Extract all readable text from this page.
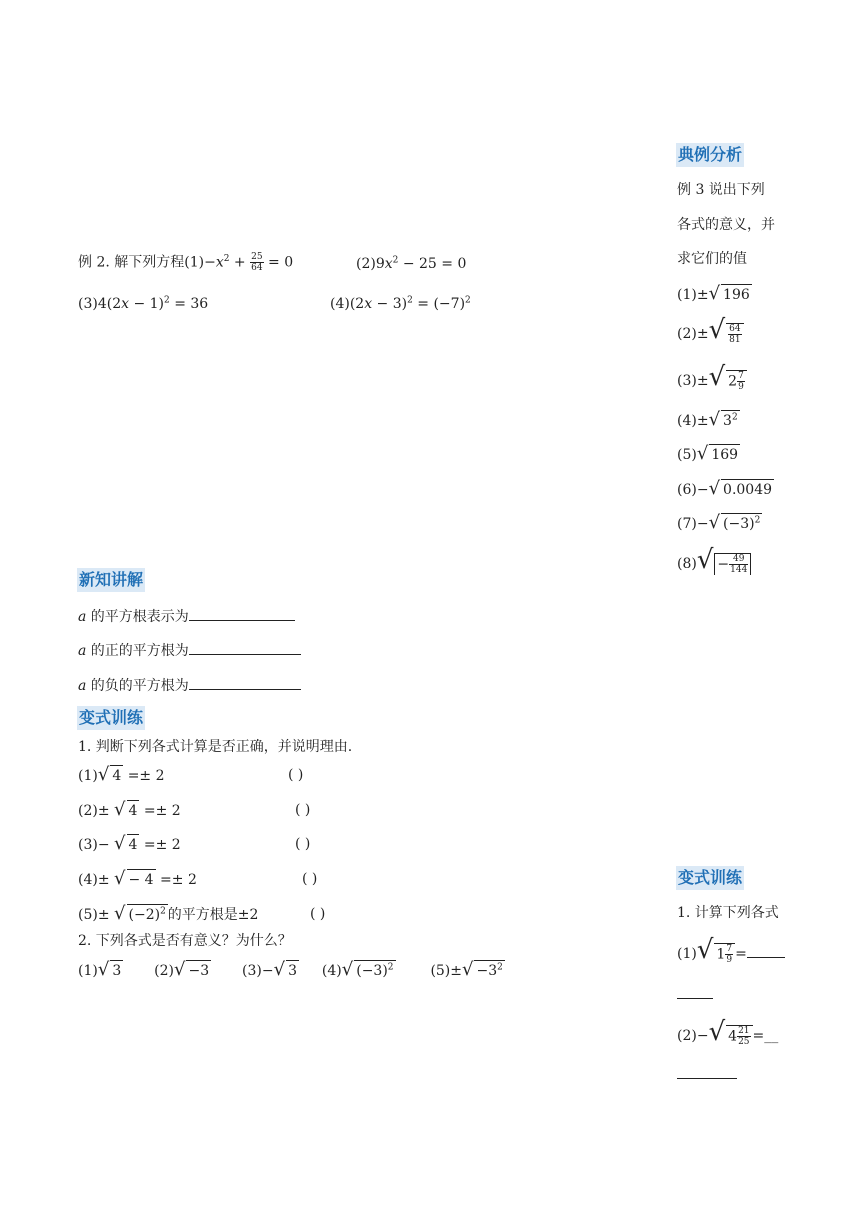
典例分析
例 3 说出下列
各式的意义，并
求它们的值
(1)±√ 196
$(2)\pm√ \frac{64}{81}$
(3)±√ $2 \frac{7}{9}$
(4)±√ $3^2$
(5)√ 169
(6)−√ 0.0049
(7)−√ $(-3)^2$
$(8)√ - \frac{49}{144}$
例 2. 解下列方程$(1)-x^2 + \frac{25}{64} = 0$	$(2)9x^2 - 25 = 0$
$(3)4(2x - 1)^2 = 36$	$(4)(2x - 3)^2 = (-7)^2$
新知讲解
a 的平方根表示为
a 的正的平方根为
a 的负的平方根为
变式训练
1. 判断下列各式计算是否正确，并说明理由.
(1)√ 4 =± 2	( )
(2)± √ 4 =± 2	( )
(3)− √ 4 =± 2	( )
(4)± √ − 4 =± 2	( )
(5)± √ $(-2)^2$ 的平方根是±2	( )
2. 下列各式是否有意义？为什么？
(1)√ 3 (2)√ −3 (3)−√ 3 (4)√ $(-3)^2$	$(5)\pm√ -3^2$
变式训练
1. 计算下列各式
(1)√ $1 \frac{7}{9}$ =
(2)−√ $4 \frac{21}{25}$ =__
